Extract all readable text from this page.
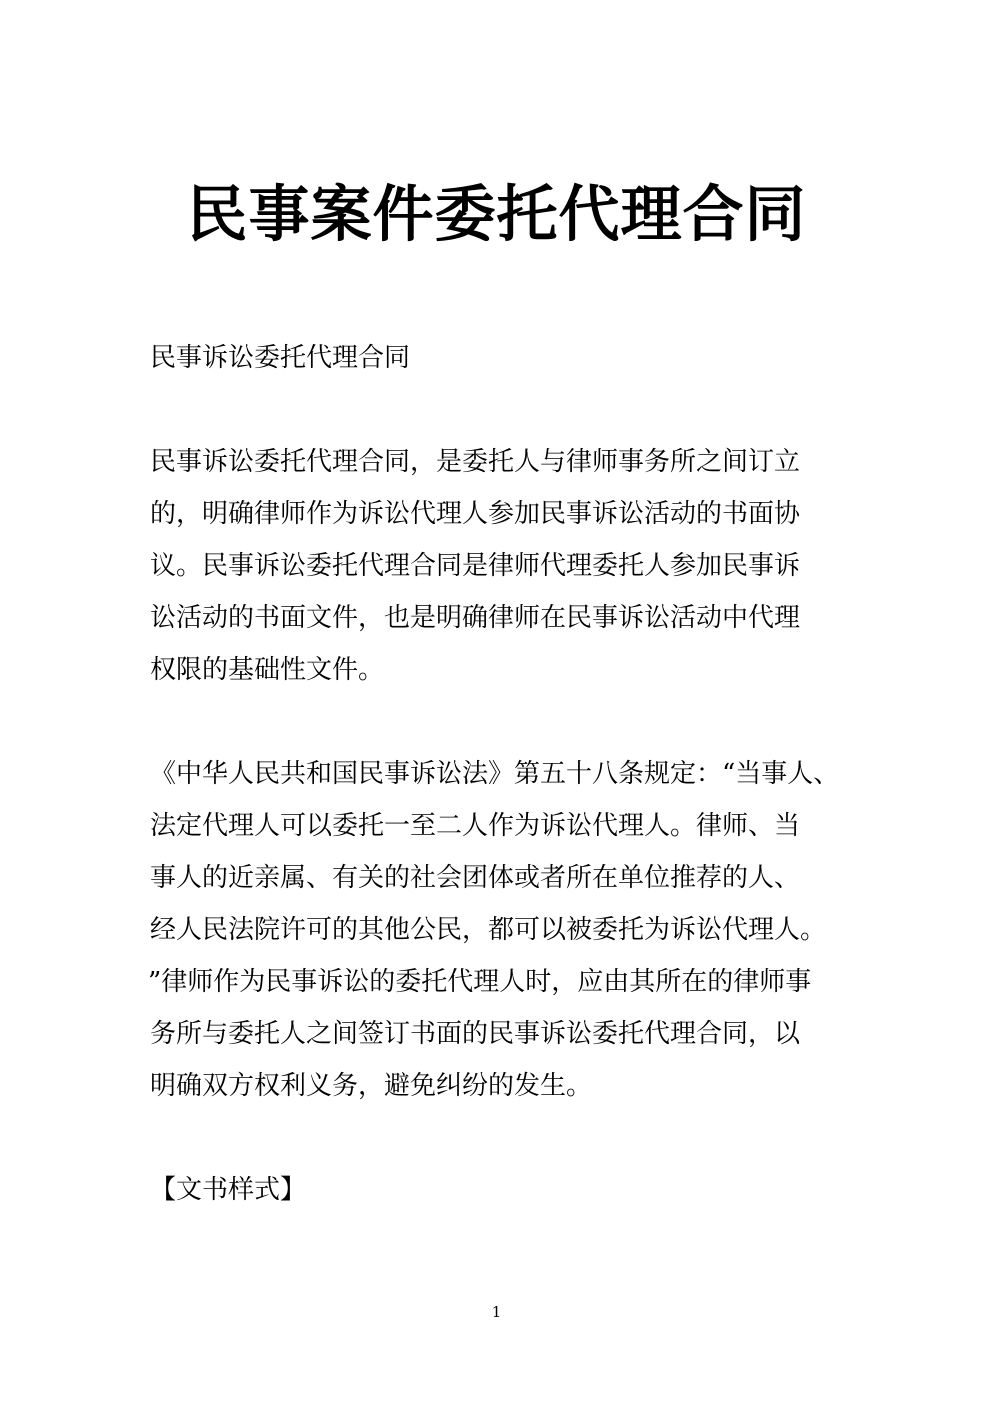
民事案件委托代理合同

民事诉讼委托代理合同

民事诉讼委托代理合同，是委托人与律师事务所之间订立

的，明确律师作为诉讼代理人参加民事诉讼活动的书面协

议。民事诉讼委托代理合同是律师代理委托人参加民事诉

讼活动的书面文件，也是明确律师在民事诉讼活动中代理

权限的基础性文件。

《中华人民共和国民事诉讼法》第五十八条规定：“当事人、

法定代理人可以委托一至二人作为诉讼代理人。律师、当

事人的近亲属、有关的社会团体或者所在单位推荐的人、

经人民法院许可的其他公民，都可以被委托为诉讼代理人。

”律师作为民事诉讼的委托代理人时，应由其所在的律师事

务所与委托人之间签订书面的民事诉讼委托代理合同，以

明确双方权利义务，避免纠纷的发生。

【文书样式】

1
